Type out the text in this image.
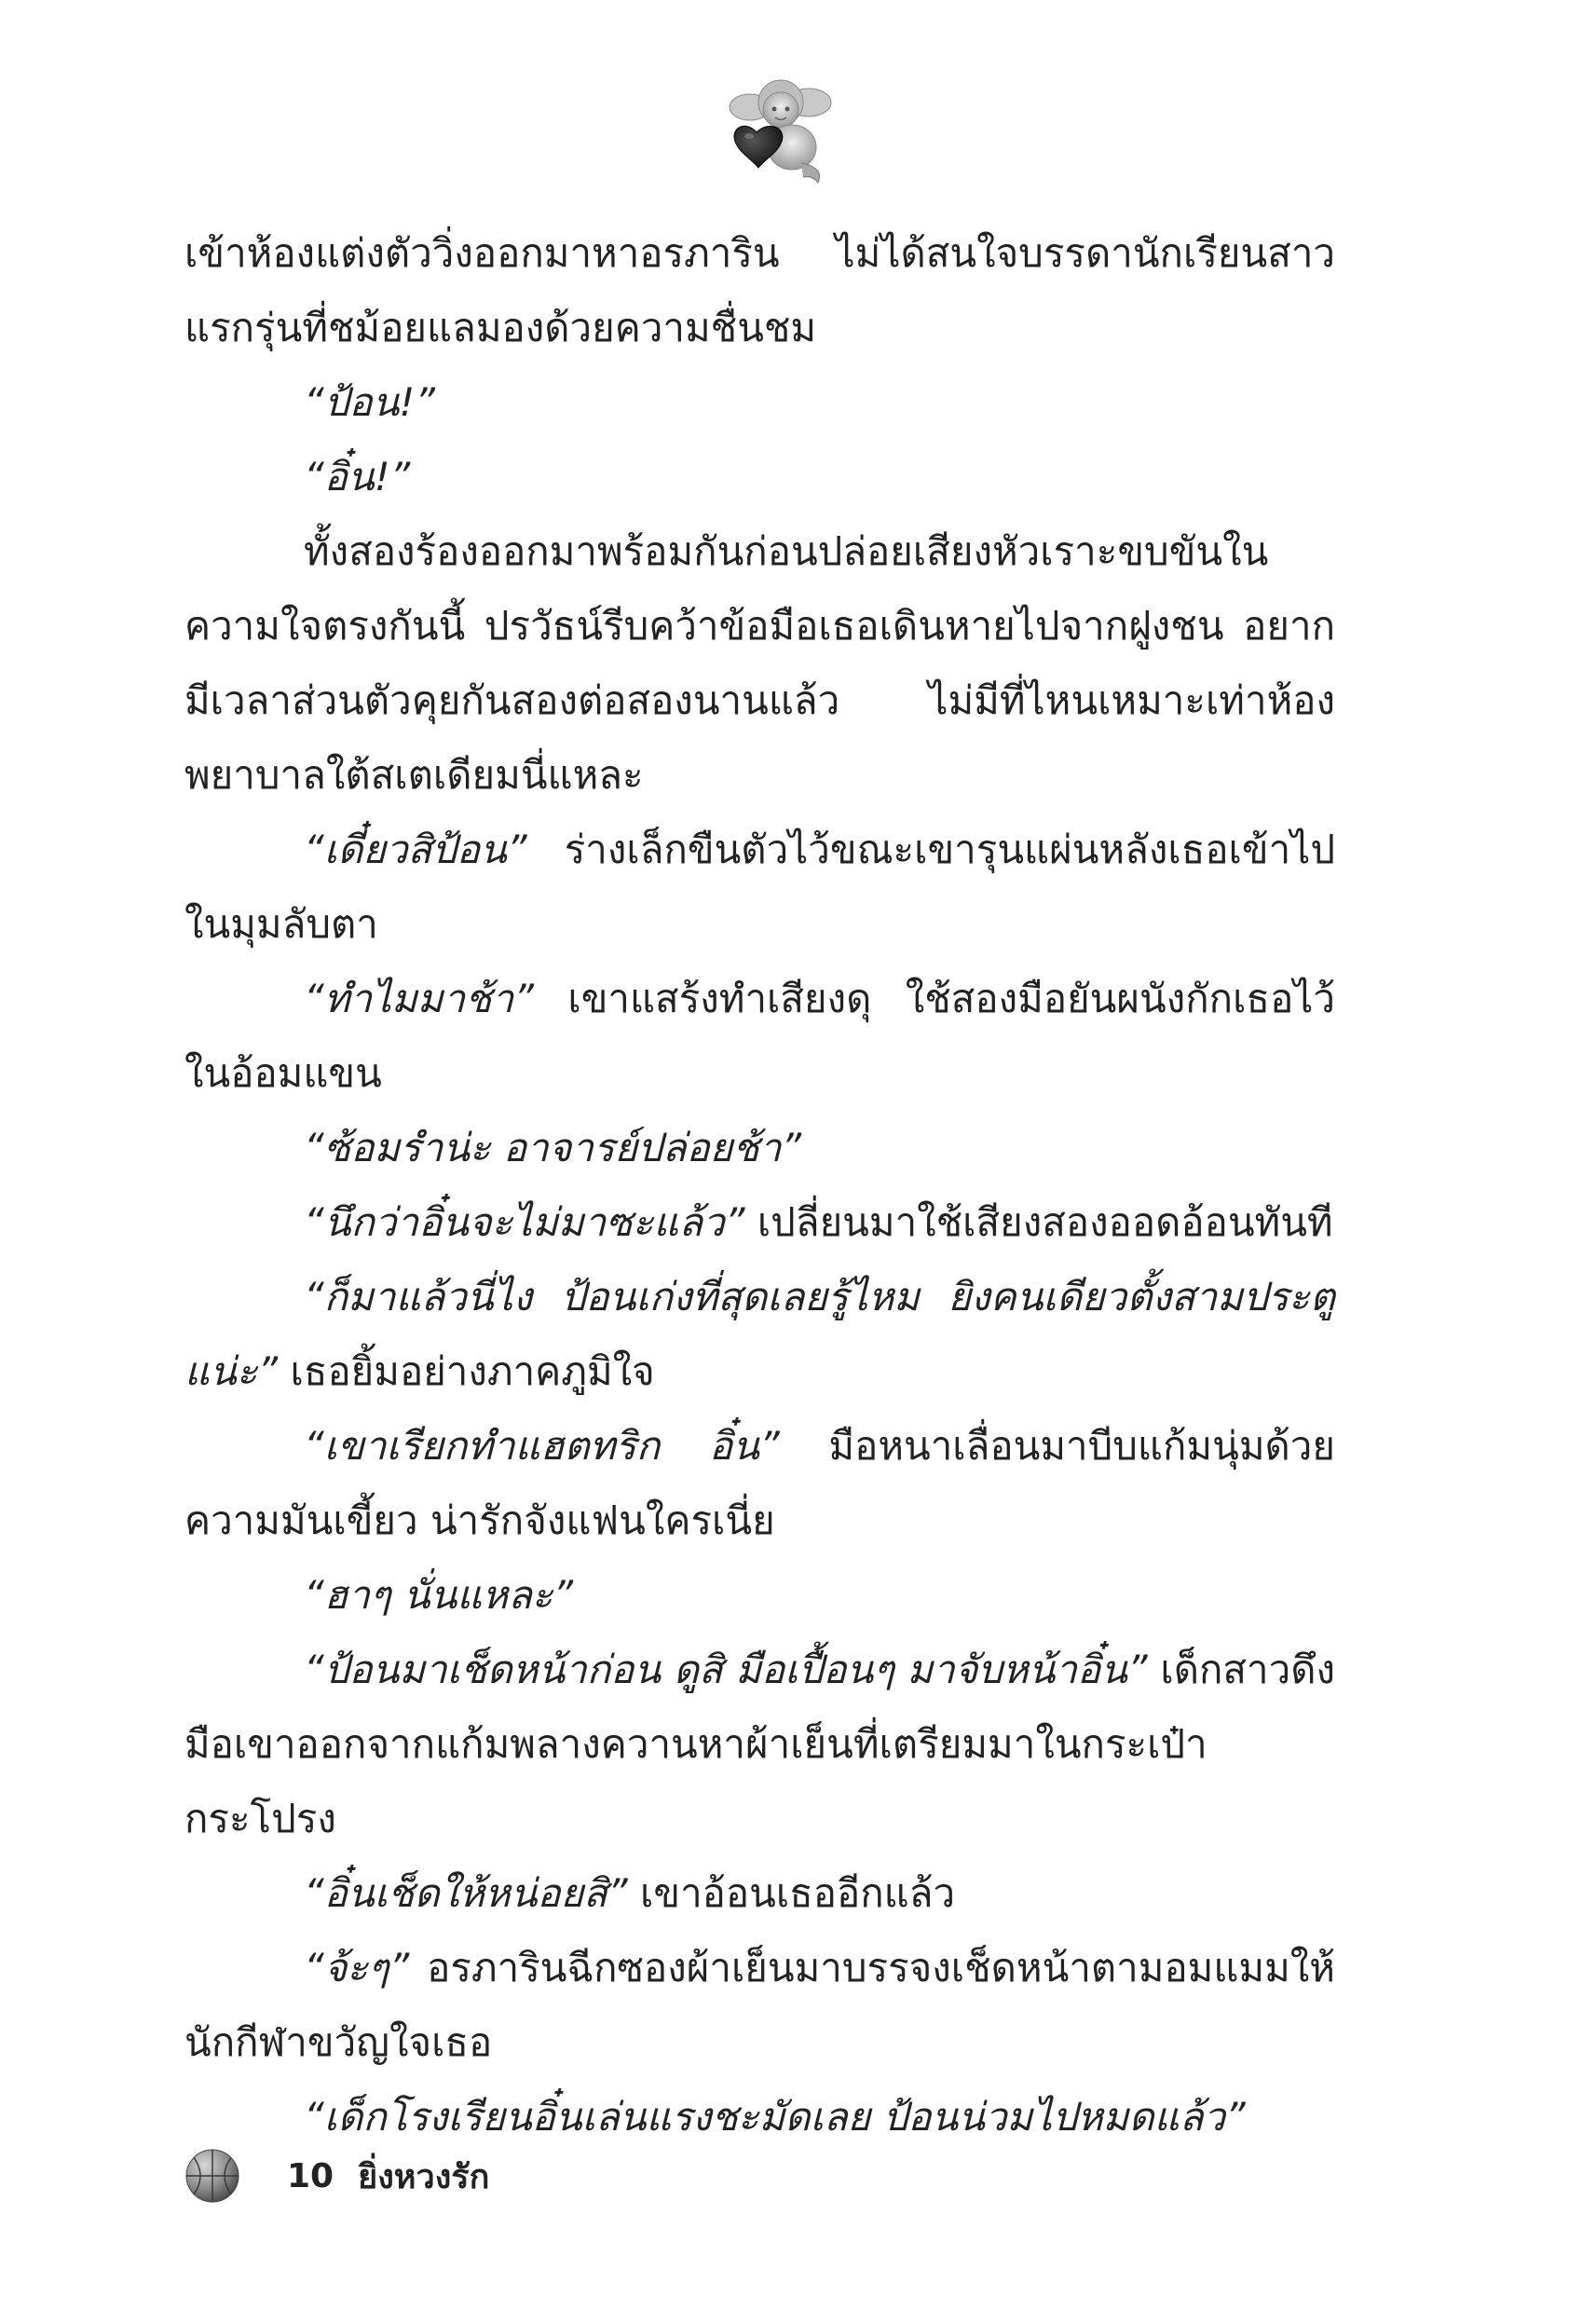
เข้าห้องแต่งตัววิ่งออกมาหาอรภาริน ไม่ได้สนใจบรรดานักเรียนสาวแรกรุ่นที่ชม้อยแลมองด้วยความชื่นชม

“ป้อน!”

“อิ๋น!”

ทั้งสองร้องออกมาพร้อมกันก่อนปล่อยเสียงหัวเราะขบขันในความใจตรงกันนี้ ปรวัธน์รีบคว้าข้อมือเธอเดินหายไปจากฝูงชน อยากมีเวลาส่วนตัวคุยกันสองต่อสองนานแล้ว ไม่มีที่ไหนเหมาะเท่าห้องพยาบาลใต้สเตเดียมนี่แหละ

“เดี๋ยวสิป้อน” ร่างเล็กขืนตัวไว้ขณะเขารุนแผ่นหลังเธอเข้าไปในมุมลับตา

“ทำไมมาช้า” เขาแสร้งทำเสียงดุ ใช้สองมือยันผนังกักเธอไว้ในอ้อมแขน

“ซ้อมรำน่ะ อาจารย์ปล่อยช้า”

“นึกว่าอิ๋นจะไม่มาซะแล้ว” เปลี่ยนมาใช้เสียงสองออดอ้อนทันที

“ก็มาแล้วนี่ไง ป้อนเก่งที่สุดเลยรู้ไหม ยิงคนเดียวตั้งสามประตูแน่ะ” เธอยิ้มอย่างภาคภูมิใจ

“เขาเรียกทำแฮตทริก อิ๋น” มือหนาเลื่อนมาบีบแก้มนุ่มด้วยความมันเขี้ยว น่ารักจังแฟนใครเนี่ย

“ฮาๆ นั่นแหละ”

“ป้อนมาเช็ดหน้าก่อน ดูสิ มือเปื้อนๆ มาจับหน้าอิ๋น” เด็กสาวดึงมือเขาออกจากแก้มพลางควานหาผ้าเย็นที่เตรียมมาในกระเป๋ากระโปรง

“อิ๋นเช็ดให้หน่อยสิ” เขาอ้อนเธออีกแล้ว

“จ้ะๆ” อรภารินฉีกซองผ้าเย็นมาบรรจงเช็ดหน้าตามอมแมมให้นักกีฬาขวัญใจเธอ

“เด็กโรงเรียนอิ๋นเล่นแรงชะมัดเลย ป้อนน่วมไปหมดแล้ว”

10 ยิ่งหวงรัก
